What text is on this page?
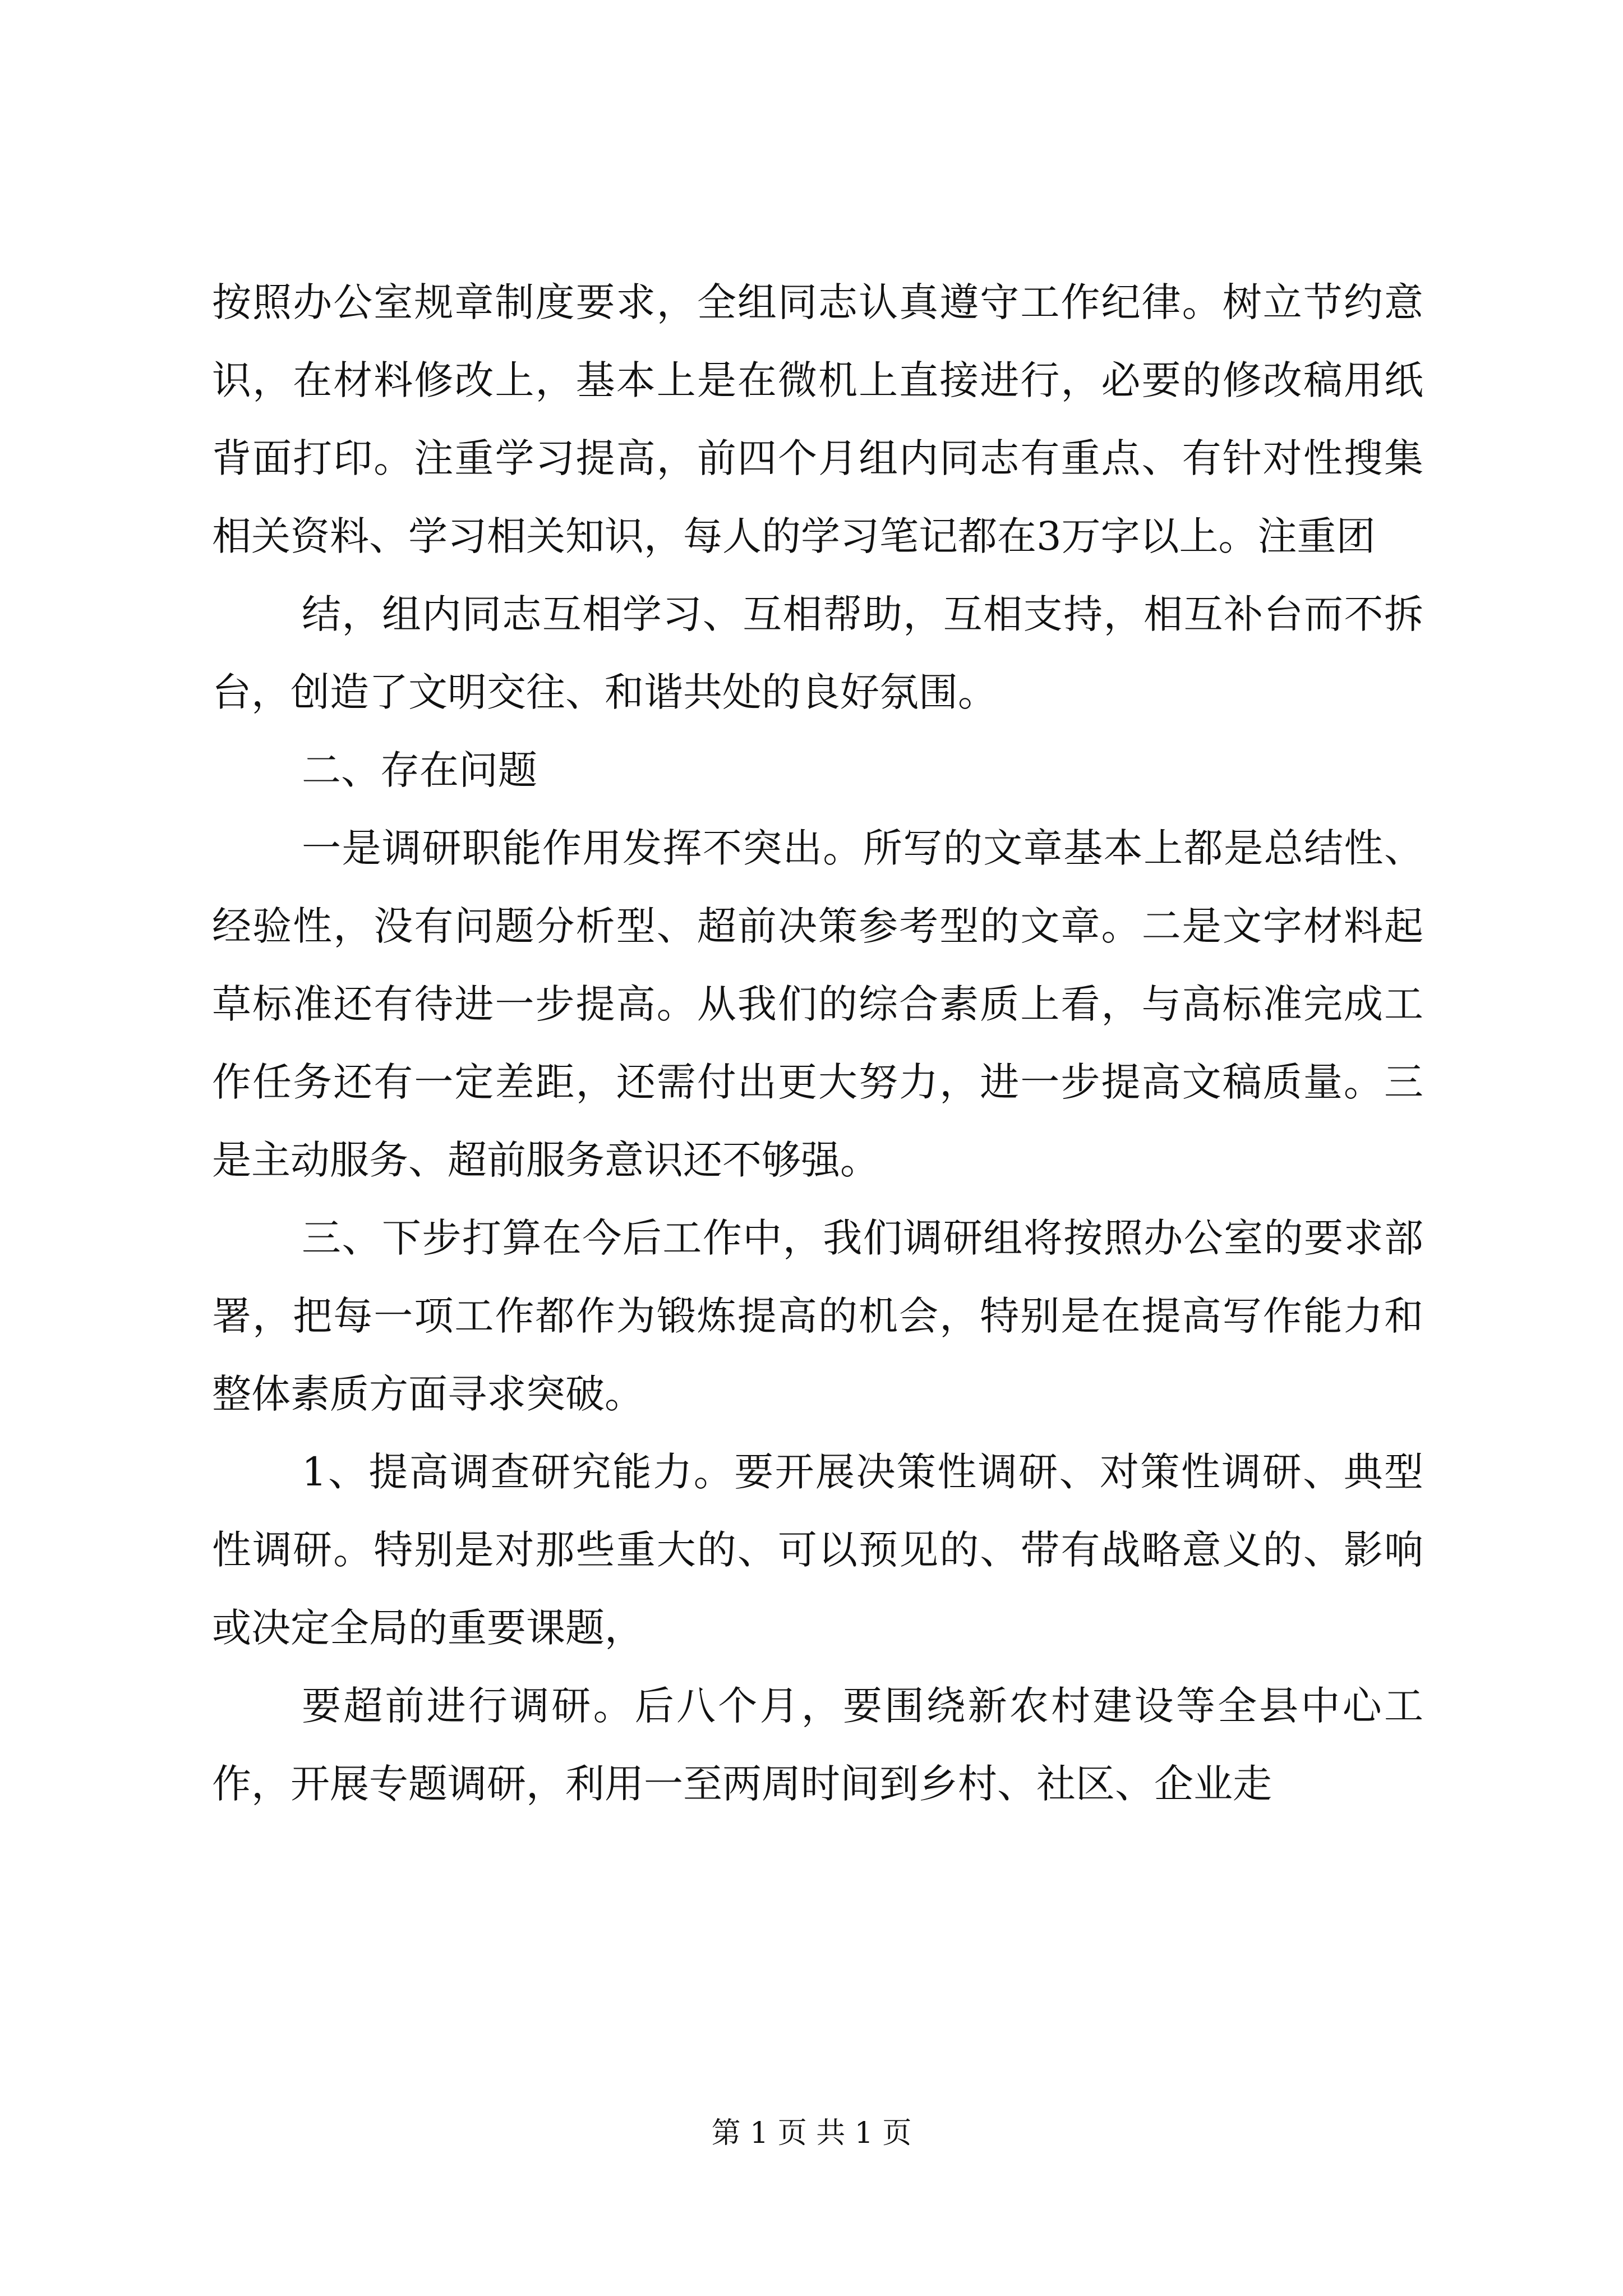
按照办公室规章制度要求，全组同志认真遵守工作纪律。树立节约意识，在材料修改上，基本上是在微机上直接进行，必要的修改稿用纸背面打印。注重学习提高，前四个月组内同志有重点、有针对性搜集相关资料、学习相关知识，每人的学习笔记都在3万字以上。注重团

结，组内同志互相学习、互相帮助，互相支持，相互补台而不拆台，创造了文明交往、和谐共处的良好氛围。

二、存在问题

一是调研职能作用发挥不突出。所写的文章基本上都是总结性、经验性，没有问题分析型、超前决策参考型的文章。二是文字材料起草标准还有待进一步提高。从我们的综合素质上看，与高标准完成工作任务还有一定差距，还需付出更大努力，进一步提高文稿质量。三是主动服务、超前服务意识还不够强。

三、下步打算在今后工作中，我们调研组将按照办公室的要求部署，把每一项工作都作为锻炼提高的机会，特别是在提高写作能力和整体素质方面寻求突破。

1、提高调查研究能力。要开展决策性调研、对策性调研、典型性调研。特别是对那些重大的、可以预见的、带有战略意义的、影响或决定全局的重要课题，

要超前进行调研。后八个月，要围绕新农村建设等全县中心工作，开展专题调研，利用一至两周时间到乡村、社区、企业走

第 1 页 共 1 页
